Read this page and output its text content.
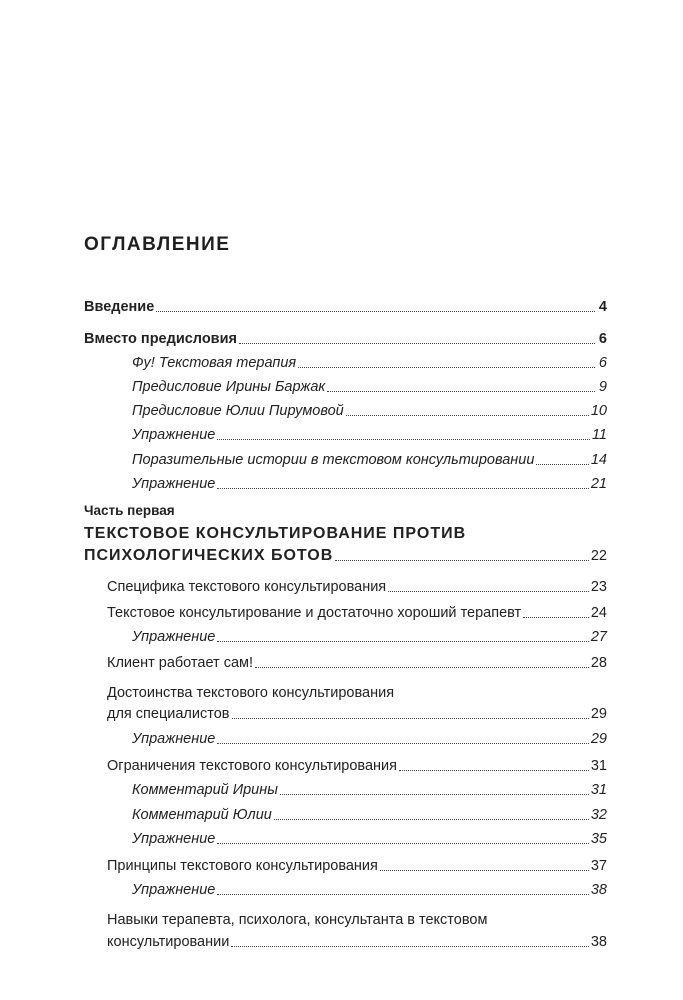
ОГЛАВЛЕНИЕ
Введение	4
Вместо предисловия	6
Фу! Текстовая терапия	6
Предисловие Ирины Баржак	9
Предисловие Юлии Пирумовой	10
Упражнение	11
Поразительные истории в текстовом консультировании	14
Упражнение	21
Часть первая
ТЕКСТОВОЕ КОНСУЛЬТИРОВАНИЕ ПРОТИВ
ПСИХОЛОГИЧЕСКИХ БОТОВ	22
Специфика текстового консультирования	23
Текстовое консультирование и достаточно хороший терапевт	24
Упражнение	27
Клиент работает сам!	28
Достоинства текстового консультирования
для специалистов	29
Упражнение	29
Ограничения текстового консультирования	31
Комментарий Ирины	31
Комментарий Юлии	32
Упражнение	35
Принципы текстового консультирования	37
Упражнение	38
Навыки терапевта, психолога, консультанта в текстовом
консультировании	38
